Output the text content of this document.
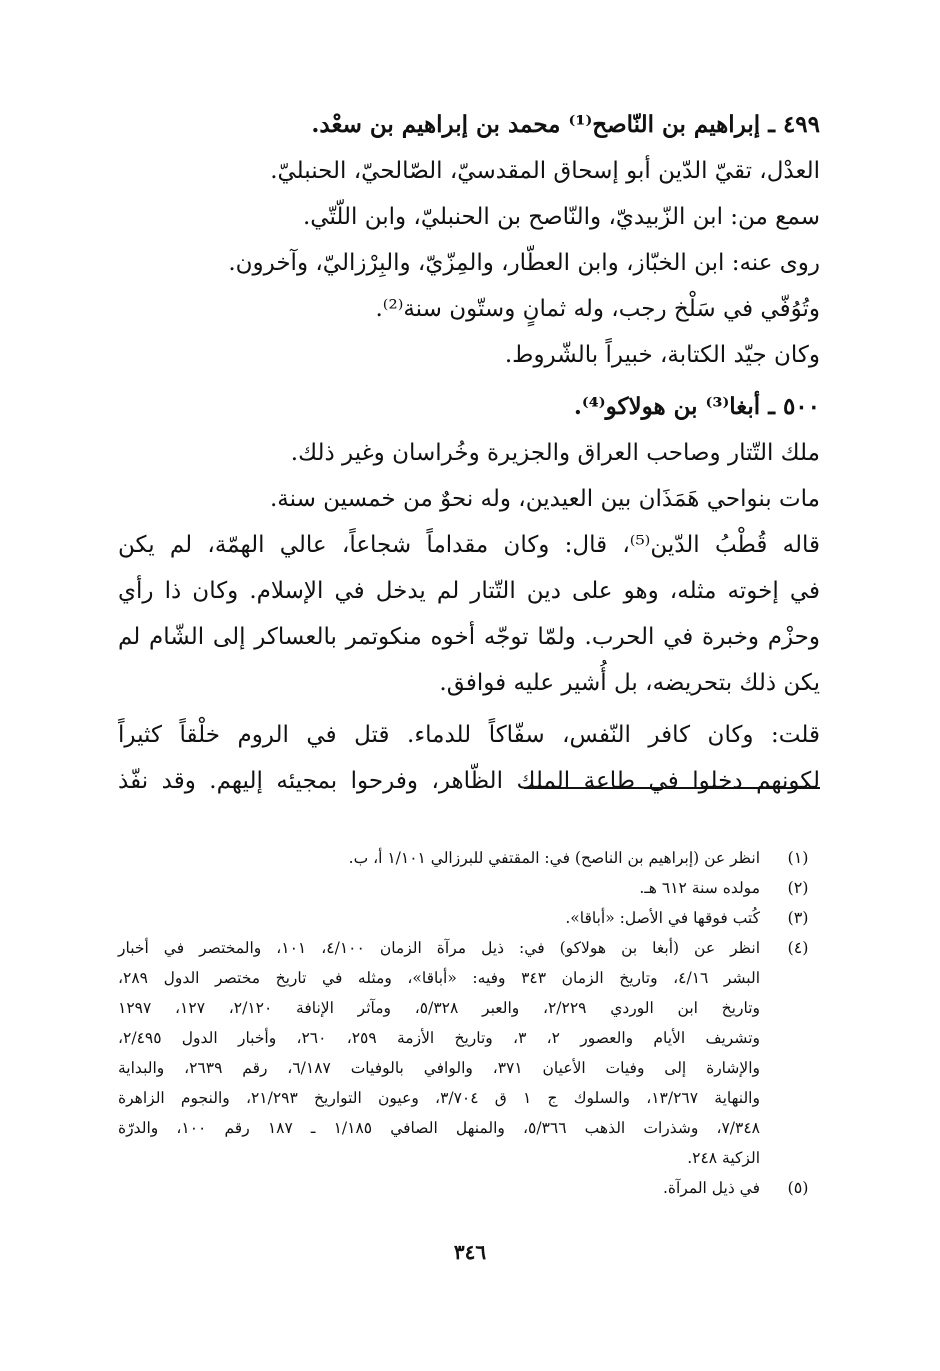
٤٩٩ ـ إبراهيم بن النّاصح⁽¹⁾ محمد بن إبراهيم بن سعْد.
العدْل، تقيّ الدّين أبو إسحاق المقدسيّ، الصّالحيّ، الحنبليّ.
سمع من: ابن الزّبيديّ، والنّاصح بن الحنبليّ، وابن اللّتّي.
روى عنه: ابن الخبّاز، وابن العطّار، والمِزّيّ، والبِرْزاليّ، وآخرون.
وتُوُفّي في سَلْخ رجب، وله ثمانٍ وستّون سنة⁽²⁾.
وكان جيّد الكتابة، خبيراً بالشّروط.
٥٠٠ ـ أبغا⁽³⁾ بن هولاكو⁽⁴⁾.
ملك التّتار وصاحب العراق والجزيرة وخُراسان وغير ذلك.
مات بنواحي هَمَذَان بين العيدين، وله نحوٌ من خمسين سنة.
قاله قُطْبُ الدّين⁽⁵⁾، قال: وكان مقداماً شجاعاً، عالي الهمّة، لم يكن
في إخوته مثله، وهو على دين التّتار لم يدخل في الإسلام. وكان ذا رأي
وحزْم وخبرة في الحرب. ولمّا توجّه أخوه منكوتمر بالعساكر إلى الشّام لم
يكن ذلك بتحريضه، بل أُشير عليه فوافق.
قلت: وكان كافر النّفس، سفّاكاً للدماء. قتل في الروم خلْقاً كثيراً
لكونهم دخلوا في طاعة الملك الظّاهر، وفرحوا بمجيئه إليهم. وقد نفّذ
(١)
انظر عن (إبراهيم بن الناصح) في: المقتفي للبرزالي ١/١٠١ أ، ب.
(٢)
مولده سنة ٦١٢ هـ.
(٣)
كُتب فوقها في الأصل: «أباقا».
(٤)
انظر عن (أبغا بن هولاكو) في: ذيل مرآة الزمان ٤/١٠٠، ١٠١، والمختصر في أخبار
البشر ٤/١٦، وتاريخ الزمان ٣٤٣ وفيه: «أباقا»، ومثله في تاريخ مختصر الدول ٢٨٩،
وتاريخ ابن الوردي ٢/٢٢٩، والعبر ٥/٣٢٨، ومآثر الإنافة ٢/١٢٠، ١٢٧، ١٢٩٧
وتشريف الأيام والعصور ٢، ٣، وتاريخ الأزمة ٢٥٩، ٢٦٠، وأخبار الدول ٢/٤٩٥،
والإشارة إلى وفيات الأعيان ٣٧١، والوافي بالوفيات ٦/١٨٧، رقم ٢٦٣٩، والبداية
والنهاية ١٣/٢٦٧، والسلوك ج ١ ق ٣/٧٠٤، وعيون التواريخ ٢١/٢٩٣، والنجوم الزاهرة
٧/٣٤٨، وشذرات الذهب ٥/٣٦٦، والمنهل الصافي ١/١٨٥ ـ ١٨٧ رقم ١٠٠، والدرّة
الزكية ٢٤٨.
(٥)
في ذيل المرآة.
٣٤٦
